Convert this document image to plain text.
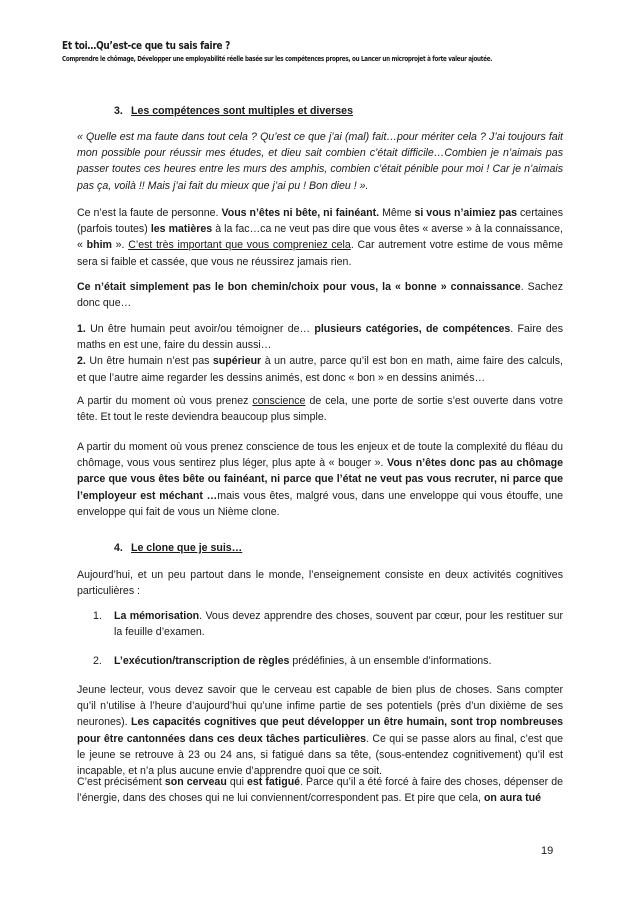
Et toi…Qu’est-ce que tu sais faire ?
Comprendre le chômage, Développer une employabilité réelle basée sur les compétences propres, ou Lancer un microprojet à forte valeur ajoutée.
3. Les compétences sont multiples et diverses

« Quelle est ma faute dans tout cela ? Qu’est ce que j’ai (mal) fait…pour mériter cela ? J’ai toujours fait mon possible pour réussir mes études, et dieu sait combien c’était difficile…Combien je n’aimais pas passer toutes ces heures entre les murs des amphis, combien c’était pénible pour moi ! Car je n’aimais pas ça, voilà !! Mais j’ai fait du mieux que j’ai pu ! Bon dieu ! ».

Ce n’est la faute de personne. Vous n’êtes ni bête, ni fainéant. Même si vous n’aimiez pas certaines (parfois toutes) les matières à la fac…ca ne veut pas dire que vous êtes « averse » à la connaissance, « bhim ». C’est très important que vous compreniez cela. Car autrement votre estime de vous même sera si faible et cassée, que vous ne réussirez jamais rien.

Ce n’était simplement pas le bon chemin/choix pour vous, la « bonne » connaissance. Sachez donc que…

1. Un être humain peut avoir/ou témoigner de… plusieurs catégories, de compétences. Faire des maths en est une, faire du dessin aussi…
2. Un être humain n’est pas supérieur à un autre, parce qu’il est bon en math, aime faire des calculs, et que l’autre aime regarder les dessins animés, est donc « bon » en dessins animés…

A partir du moment où vous prenez conscience de cela, une porte de sortie s’est ouverte dans votre tête. Et tout le reste deviendra beaucoup plus simple.

A partir du moment où vous prenez conscience de tous les enjeux et de toute la complexité du fléau du chômage, vous vous sentirez plus léger, plus apte à « bouger ». Vous n’êtes donc pas au chômage parce que vous êtes bête ou fainéant, ni parce que l’état ne veut pas vous recruter, ni parce que l’employeur est méchant …mais vous êtes, malgré vous, dans une enveloppe qui vous étouffe, une enveloppe qui fait de vous un Nième clone.

4. Le clone que je suis…

Aujourd’hui, et un peu partout dans le monde, l’enseignement consiste en deux activités cognitives particulières :

1. La mémorisation. Vous devez apprendre des choses, souvent par cœur, pour les restituer sur la feuille d’examen.
2. L’exécution/transcription de règles prédéfinies, à un ensemble d’informations.

Jeune lecteur, vous devez savoir que le cerveau est capable de bien plus de choses. Sans compter qu’il n’utilise à l’heure d’aujourd’hui qu’une infime partie de ses potentiels (près d’un dixième de ses neurones). Les capacités cognitives que peut développer un être humain, sont trop nombreuses pour être cantonnées dans ces deux tâches particulières. Ce qui se passe alors au final, c’est que le jeune se retrouve à 23 ou 24 ans, si fatigué dans sa tête, (sous-entendez cognitivement) qu’il est incapable, et n’a plus aucune envie d’apprendre quoi que ce soit.

C’est précisément son cerveau qui est fatigué. Parce qu’il a été forcé à faire des choses, dépenser de l’énergie, dans des choses qui ne lui conviennent/correspondent pas. Et pire que cela, on aura tué

19
